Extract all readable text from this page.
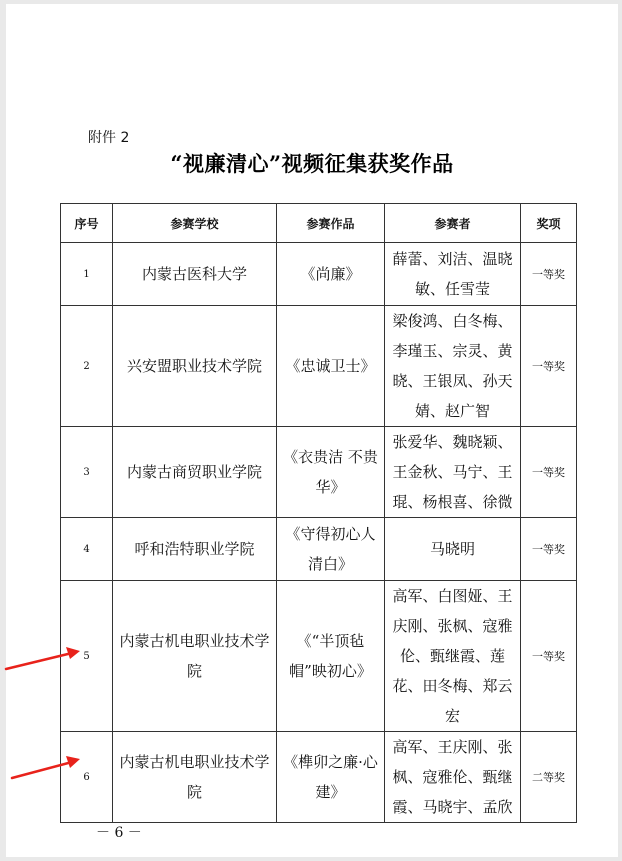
附件 2
“视廉清心”视频征集获奖作品
序号	参赛学校	参赛作品	参赛者	奖项
1	内蒙古医科大学	《尚廉》	薛蕾、刘洁、温晓敏、任雪莹	一等奖
2	兴安盟职业技术学院	《忠诚卫士》	梁俊鸿、白冬梅、李瑾玉、宗灵、黄晓、王银凤、孙天婧、赵广智	一等奖
3	内蒙古商贸职业学院	《衣贵洁 不贵华》	张爱华、魏晓颖、王金秋、马宁、王琨、杨根喜、徐微	一等奖
4	呼和浩特职业学院	《守得初心人清白》	马晓明	一等奖
5	内蒙古机电职业技术学院	《“半顶毡帽”映初心》	高军、白图娅、王庆刚、张枫、寇雅伦、甄继霞、莲花、田冬梅、郑云宏	一等奖
6	内蒙古机电职业技术学院	《榫卯之廉·心建》	高军、王庆刚、张枫、寇雅伦、甄继霞、马晓宇、孟欣	二等奖
－ 6 －
